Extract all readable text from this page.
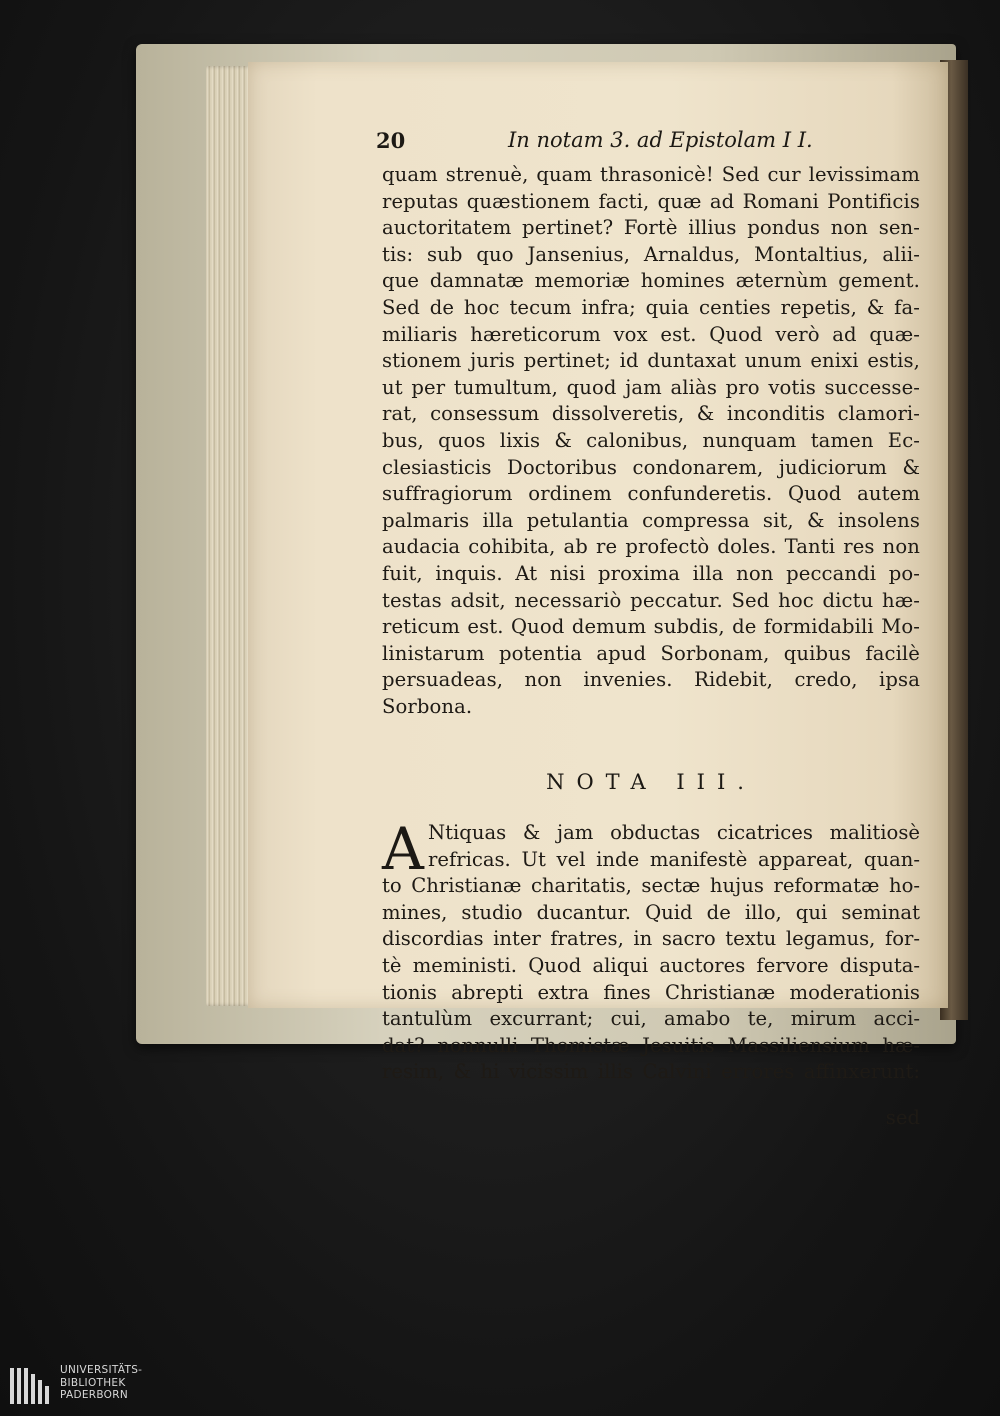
20	In notam 3. ad Epistolam I I.
quam strenuè, quam thrasonicè! Sed cur levissimam
reputas quæstionem facti, quæ ad Romani Pontificis
auctoritatem pertinet? Fortè illius pondus non sen-
tis: sub quo Jansenius, Arnaldus, Montaltius, alii-
que damnatæ memoriæ homines æternùm gement.
Sed de hoc tecum infra; quia centies repetis, & fa-
miliaris hæreticorum vox est. Quod verò ad quæ-
stionem juris pertinet; id duntaxat unum enixi estis,
ut per tumultum, quod jam aliàs pro votis successe-
rat, consessum dissolveretis, & inconditis clamori-
bus, quos lixis & calonibus, nunquam tamen Ec-
clesiasticis Doctoribus condonarem, judiciorum &
suffragiorum ordinem confunderetis. Quod autem
palmaris illa petulantia compressa sit, & insolens
audacia cohibita, ab re profectò doles. Tanti res non
fuit, inquis. At nisi proxima illa non peccandi po-
testas adsit, necessariò peccatur. Sed hoc dictu hæ-
reticum est. Quod demum subdis, de formidabili Mo-
linistarum potentia apud Sorbonam, quibus facilè
persuadeas, non invenies. Ridebit, credo, ipsa
Sorbona.
NOTA III.
A Ntiquas & jam obductas cicatrices malitiosè
refricas. Ut vel inde manifestè appareat, quan-
to Christianæ charitatis, sectæ hujus reformatæ ho-
mines, studio ducantur. Quid de illo, qui seminat
discordias inter fratres, in sacro textu legamus, for-
tè meministi. Quod aliqui auctores fervore disputa-
tionis abrepti extra fines Christianæ moderationis
tantulùm excurrant; cui, amabo te, mirum acci-
dat? nonnulli Thomistæ Jesuitis Massiliensium hæ-
resim, & hi vicissim illis Calvini errores affinxerunt:
sed
UNIVERSITÄTS-
BIBLIOTHEK
PADERBORN
